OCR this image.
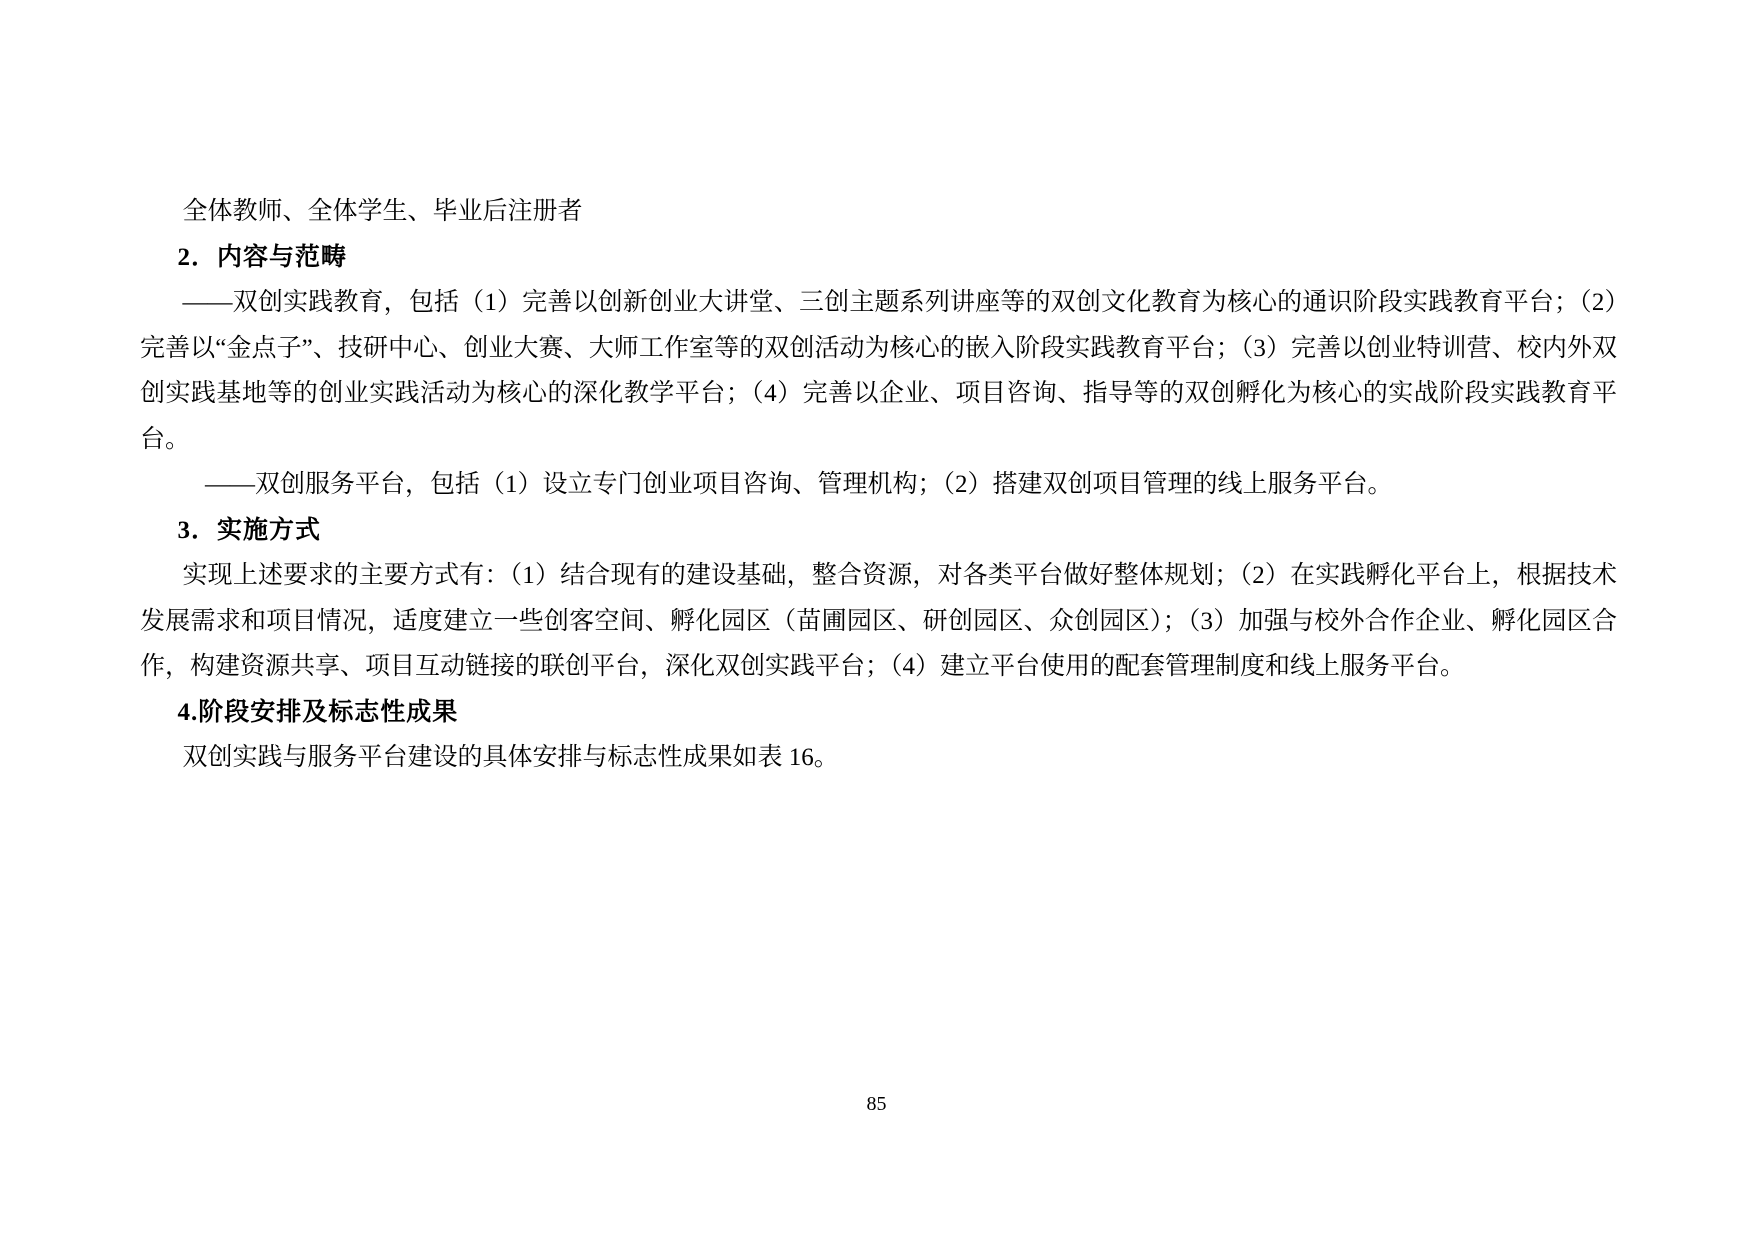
全体教师、全体学生、毕业后注册者

2．内容与范畴

——双创实践教育，包括（1）完善以创新创业大讲堂、三创主题系列讲座等的双创文化教育为核心的通识阶段实践教育平台；（2）完善以“金点子”、技研中心、创业大赛、大师工作室等的双创活动为核心的嵌入阶段实践教育平台；（3）完善以创业特训营、校内外双创实践基地等的创业实践活动为核心的深化教学平台；（4）完善以企业、项目咨询、指导等的双创孵化为核心的实战阶段实践教育平台。

——双创服务平台，包括（1）设立专门创业项目咨询、管理机构；（2）搭建双创项目管理的线上服务平台。

3．实施方式

实现上述要求的主要方式有：（1）结合现有的建设基础，整合资源，对各类平台做好整体规划；（2）在实践孵化平台上，根据技术发展需求和项目情况，适度建立一些创客空间、孵化园区（苗圃园区、研创园区、众创园区）；（3）加强与校外合作企业、孵化园区合作，构建资源共享、项目互动链接的联创平台，深化双创实践平台；（4）建立平台使用的配套管理制度和线上服务平台。

4.阶段安排及标志性成果

双创实践与服务平台建设的具体安排与标志性成果如表 16。

85
